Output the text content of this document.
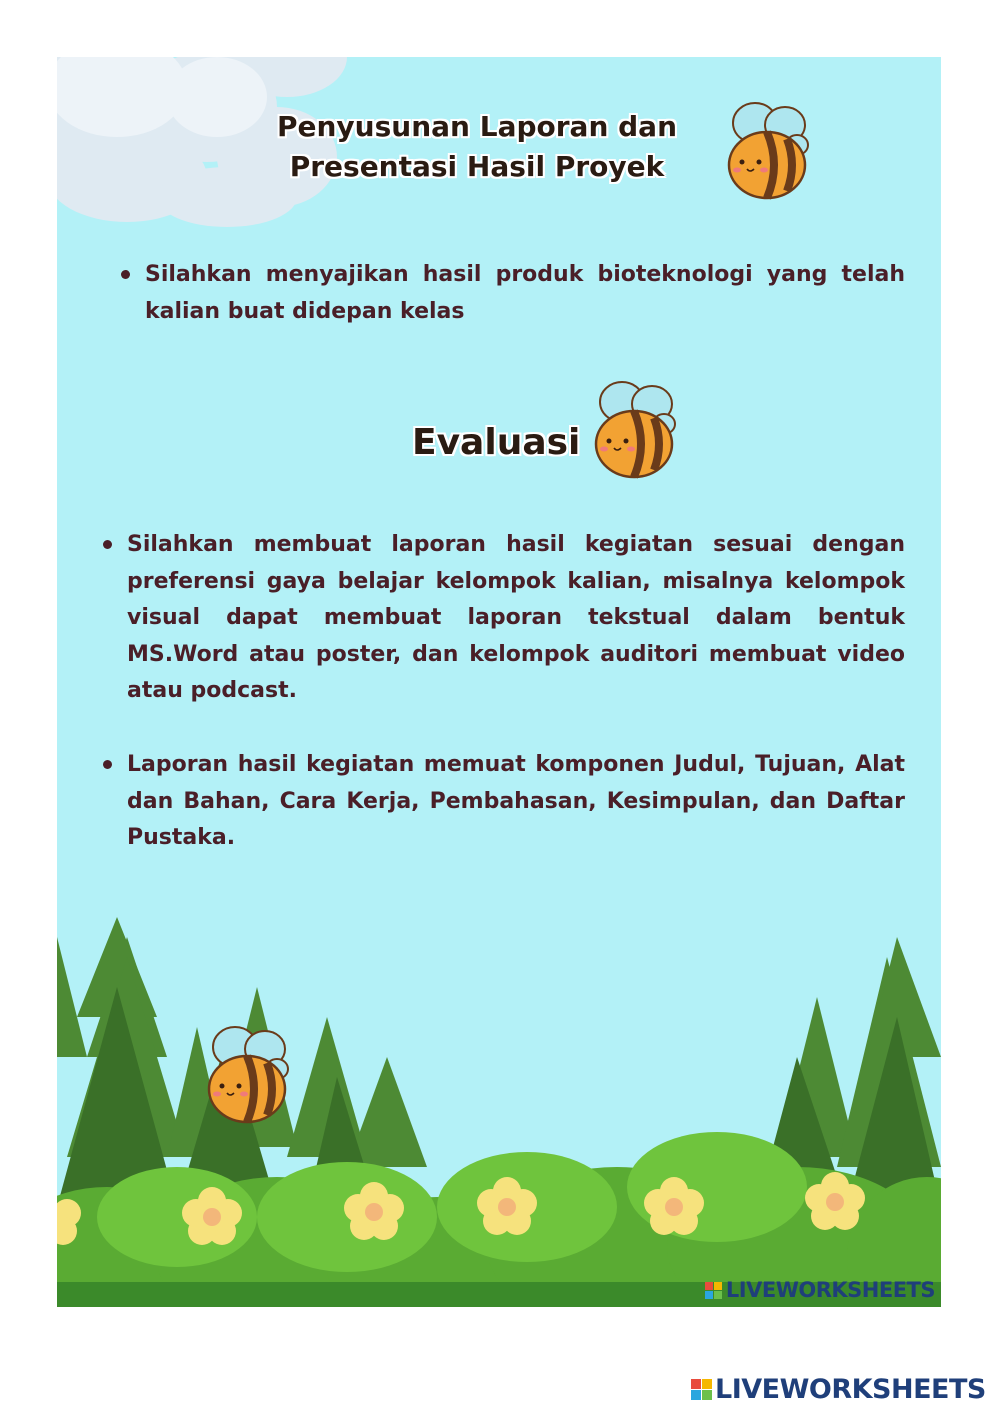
Penyusunan Laporan dan
Presentasi Hasil Proyek
Silahkan menyajikan hasil produk bioteknologi yang telah kalian buat didepan kelas
Evaluasi
Silahkan membuat laporan hasil kegiatan sesuai dengan preferensi gaya belajar kelompok kalian, misalnya kelompok visual dapat membuat laporan tekstual dalam bentuk MS.Word atau poster, dan kelompok auditori membuat video atau podcast.
Laporan hasil kegiatan memuat komponen Judul, Tujuan, Alat dan Bahan, Cara Kerja, Pembahasan, Kesimpulan, dan Daftar Pustaka.
LIVEWORKSHEETS
LIVEWORKSHEETS
